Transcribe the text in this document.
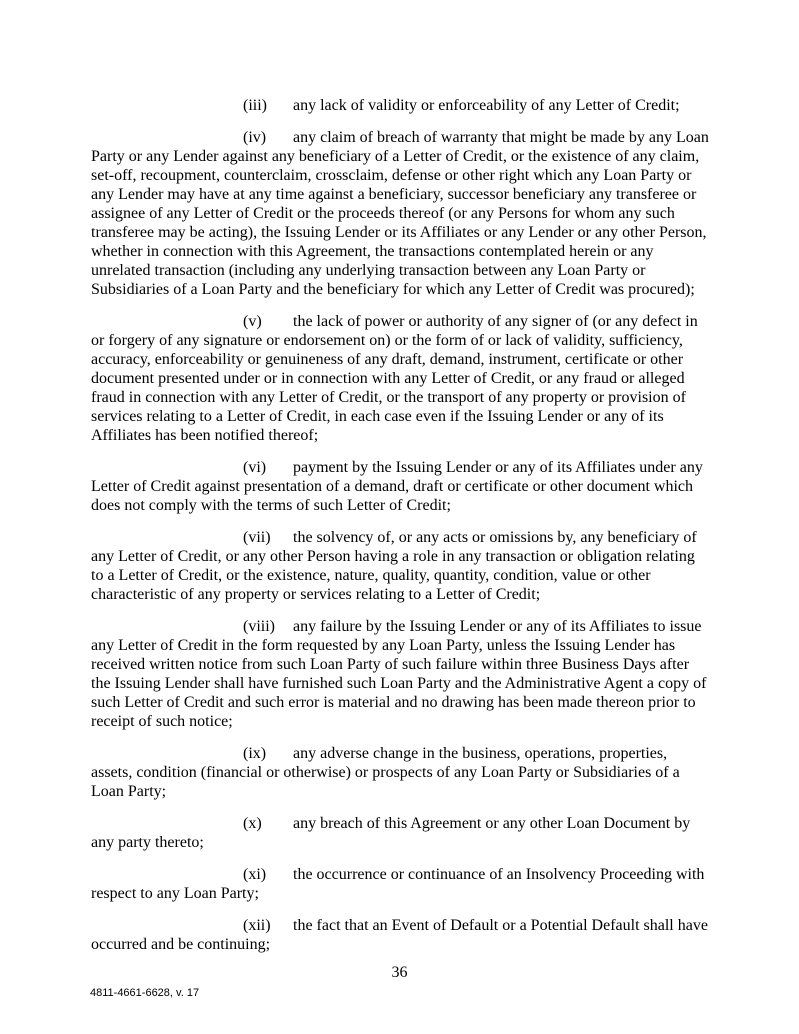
(iii) any lack of validity or enforceability of any Letter of Credit;

(iv) any claim of breach of warranty that might be made by any Loan Party or any Lender against any beneficiary of a Letter of Credit, or the existence of any claim, set-off, recoupment, counterclaim, crossclaim, defense or other right which any Loan Party or any Lender may have at any time against a beneficiary, successor beneficiary any transferee or assignee of any Letter of Credit or the proceeds thereof (or any Persons for whom any such transferee may be acting), the Issuing Lender or its Affiliates or any Lender or any other Person, whether in connection with this Agreement, the transactions contemplated herein or any unrelated transaction (including any underlying transaction between any Loan Party or Subsidiaries of a Loan Party and the beneficiary for which any Letter of Credit was procured);

(v) the lack of power or authority of any signer of (or any defect in or forgery of any signature or endorsement on) or the form of or lack of validity, sufficiency, accuracy, enforceability or genuineness of any draft, demand, instrument, certificate or other document presented under or in connection with any Letter of Credit, or any fraud or alleged fraud in connection with any Letter of Credit, or the transport of any property or provision of services relating to a Letter of Credit, in each case even if the Issuing Lender or any of its Affiliates has been notified thereof;

(vi) payment by the Issuing Lender or any of its Affiliates under any Letter of Credit against presentation of a demand, draft or certificate or other document which does not comply with the terms of such Letter of Credit;

(vii) the solvency of, or any acts or omissions by, any beneficiary of any Letter of Credit, or any other Person having a role in any transaction or obligation relating to a Letter of Credit, or the existence, nature, quality, quantity, condition, value or other characteristic of any property or services relating to a Letter of Credit;

(viii) any failure by the Issuing Lender or any of its Affiliates to issue any Letter of Credit in the form requested by any Loan Party, unless the Issuing Lender has received written notice from such Loan Party of such failure within three Business Days after the Issuing Lender shall have furnished such Loan Party and the Administrative Agent a copy of such Letter of Credit and such error is material and no drawing has been made thereon prior to receipt of such notice;

(ix) any adverse change in the business, operations, properties, assets, condition (financial or otherwise) or prospects of any Loan Party or Subsidiaries of a Loan Party;

(x) any breach of this Agreement or any other Loan Document by any party thereto;

(xi) the occurrence or continuance of an Insolvency Proceeding with respect to any Loan Party;

(xii) the fact that an Event of Default or a Potential Default shall have occurred and be continuing;

36
4811-4661-6628, v. 17
